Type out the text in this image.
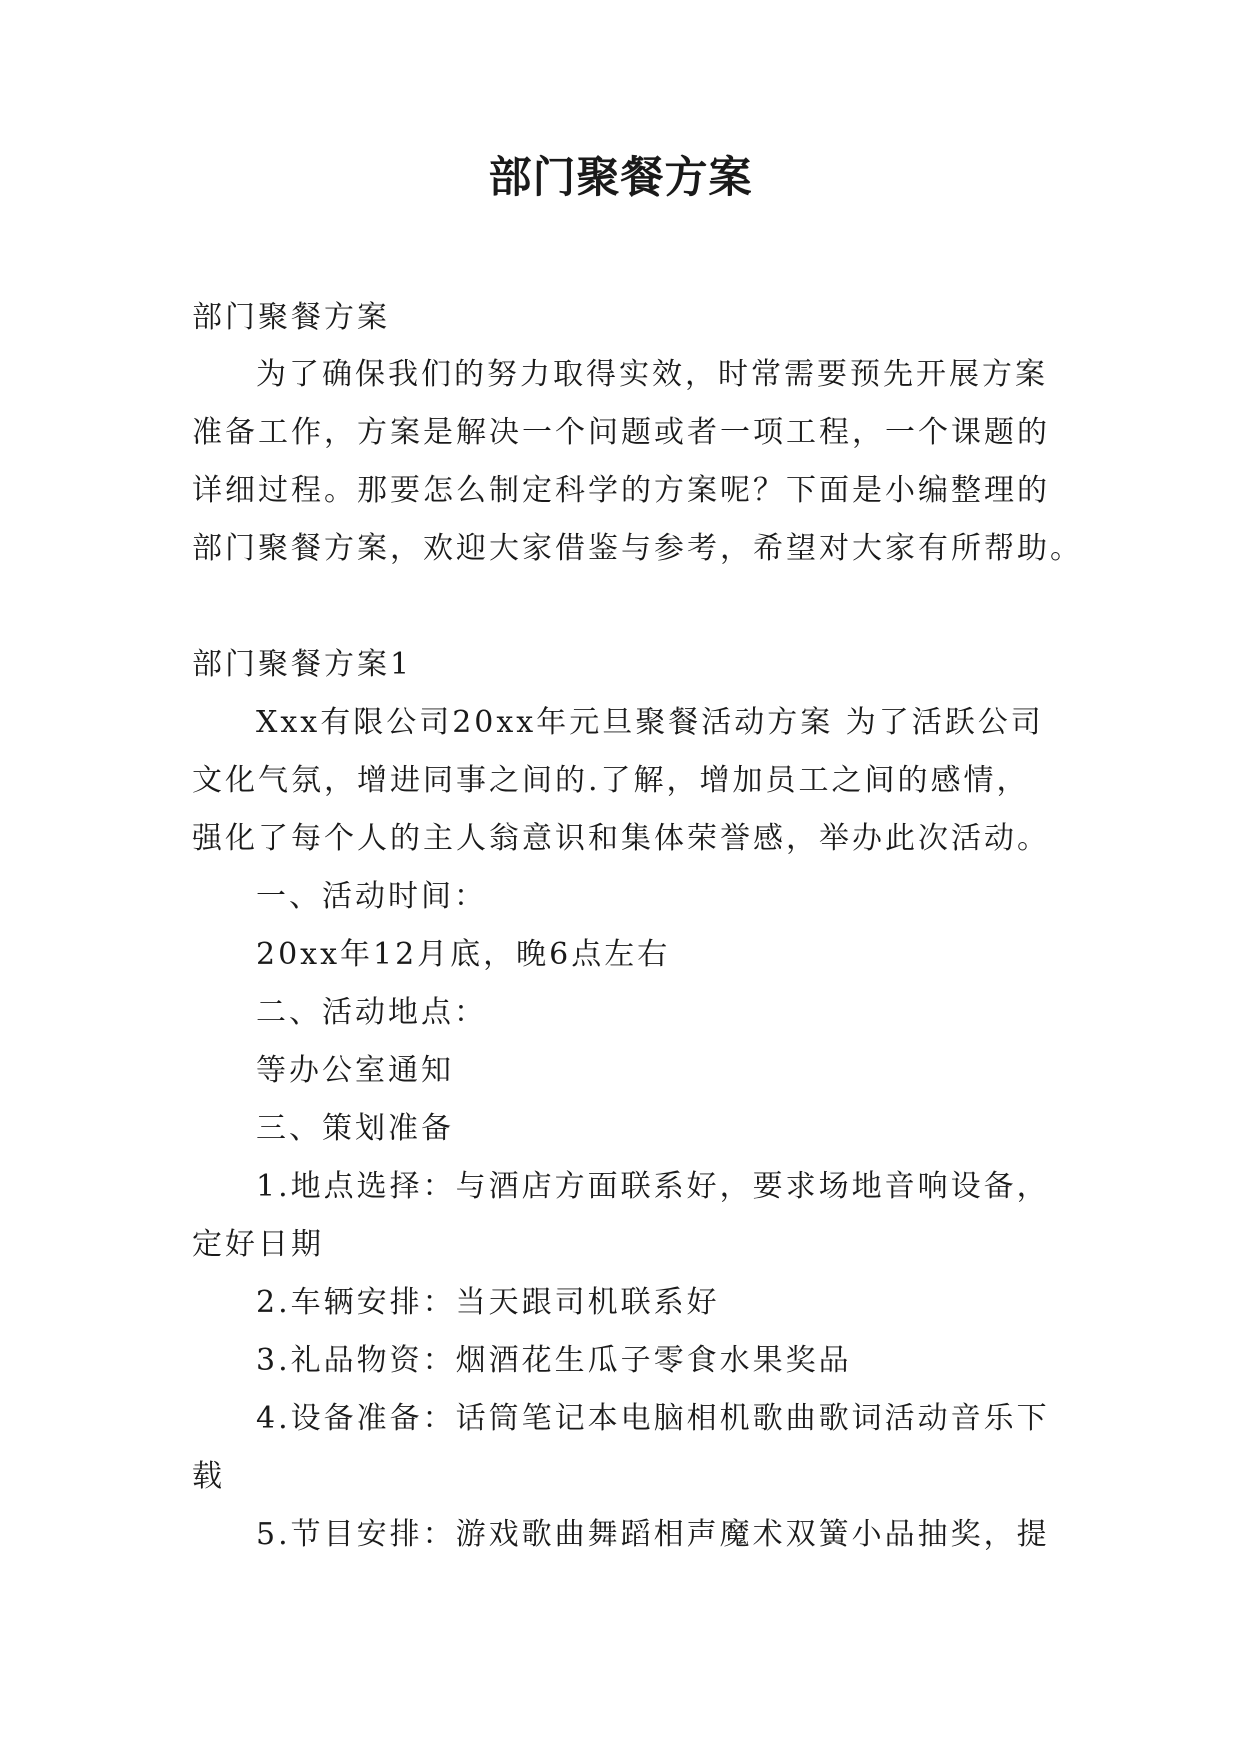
部门聚餐方案
部门聚餐方案
为了确保我们的努力取得实效，时常需要预先开展方案
准备工作，方案是解决一个问题或者一项工程，一个课题的
详细过程。那要怎么制定科学的方案呢？下面是小编整理的
部门聚餐方案，欢迎大家借鉴与参考，希望对大家有所帮助。
部门聚餐方案1
Xxx有限公司20xx年元旦聚餐活动方案 为了活跃公司
文化气氛，增进同事之间的.了解，增加员工之间的感情，
强化了每个人的主人翁意识和集体荣誉感，举办此次活动。
一、活动时间：
20xx年12月底，晚6点左右
二、活动地点：
等办公室通知
三、策划准备
1.地点选择：与酒店方面联系好，要求场地音响设备，
定好日期
2.车辆安排：当天跟司机联系好
3.礼品物资：烟酒花生瓜子零食水果奖品
4.设备准备：话筒笔记本电脑相机歌曲歌词活动音乐下
载
5.节目安排：游戏歌曲舞蹈相声魔术双簧小品抽奖，提
